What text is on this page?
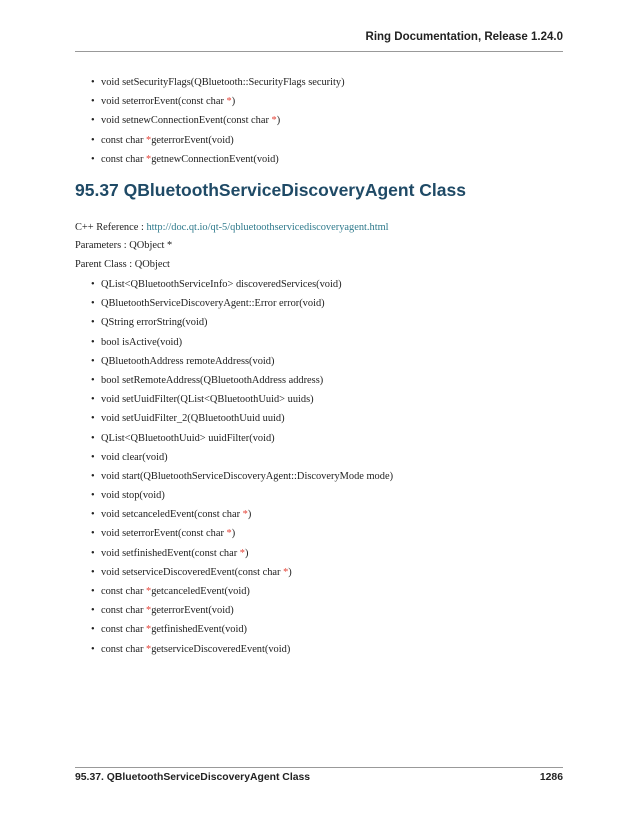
Ring Documentation, Release 1.24.0
• void setSecurityFlags(QBluetooth::SecurityFlags security)
• void seterrorEvent(const char *)
• void setnewConnectionEvent(const char *)
• const char *geterrorEvent(void)
• const char *getnewConnectionEvent(void)
95.37 QBluetoothServiceDiscoveryAgent Class
C++ Reference : http://doc.qt.io/qt-5/qbluetoothservicediscoveryagent.html
Parameters : QObject *
Parent Class : QObject
• QList<QBluetoothServiceInfo> discoveredServices(void)
• QBluetoothServiceDiscoveryAgent::Error error(void)
• QString errorString(void)
• bool isActive(void)
• QBluetoothAddress remoteAddress(void)
• bool setRemoteAddress(QBluetoothAddress address)
• void setUuidFilter(QList<QBluetoothUuid> uuids)
• void setUuidFilter_2(QBluetoothUuid uuid)
• QList<QBluetoothUuid> uuidFilter(void)
• void clear(void)
• void start(QBluetoothServiceDiscoveryAgent::DiscoveryMode mode)
• void stop(void)
• void setcanceledEvent(const char *)
• void seterrorEvent(const char *)
• void setfinishedEvent(const char *)
• void setserviceDiscoveredEvent(const char *)
• const char *getcanceledEvent(void)
• const char *geterrorEvent(void)
• const char *getfinishedEvent(void)
• const char *getserviceDiscoveredEvent(void)
95.37. QBluetoothServiceDiscoveryAgent Class	1286
